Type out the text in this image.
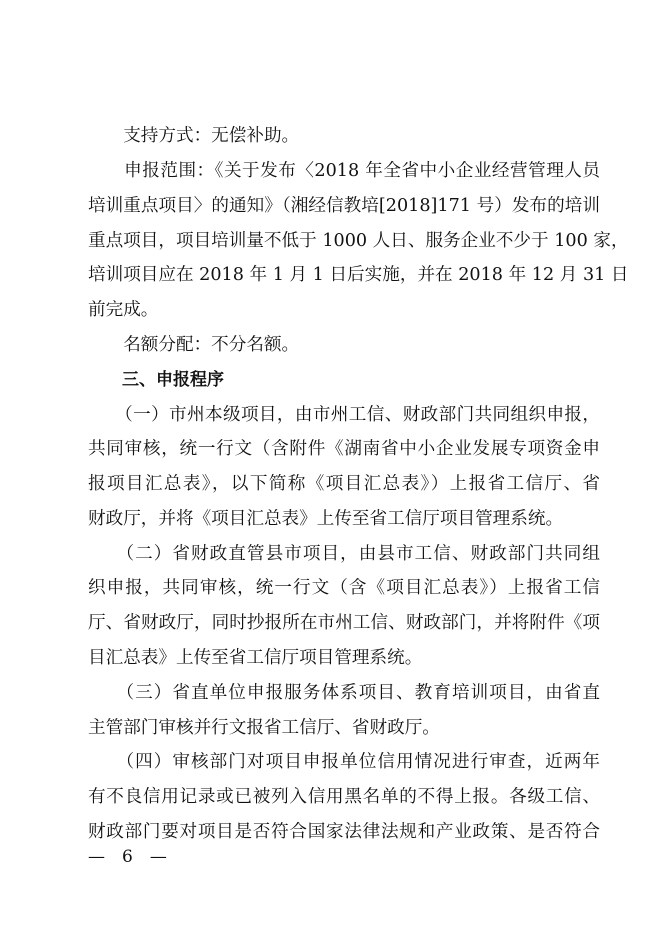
　　支持方式：无偿补助。
　　申报范围：《关于发布〈2018 年全省中小企业经营管理人员
培训重点项目〉的通知》（湘经信教培[2018]171 号）发布的培训
重点项目，项目培训量不低于 1000 人日、服务企业不少于 100 家，
培训项目应在 2018 年 1 月 1 日后实施，并在 2018 年 12 月 31 日
前完成。
　　名额分配：不分名额。
　　三、申报程序
　　（一）市州本级项目，由市州工信、财政部门共同组织申报，
共同审核，统一行文（含附件《湖南省中小企业发展专项资金申
报项目汇总表》，以下简称《项目汇总表》）上报省工信厅、省
财政厅，并将《项目汇总表》上传至省工信厅项目管理系统。
　　（二）省财政直管县市项目，由县市工信、财政部门共同组
织申报，共同审核，统一行文（含《项目汇总表》）上报省工信
厅、省财政厅，同时抄报所在市州工信、财政部门，并将附件《项
目汇总表》上传至省工信厅项目管理系统。
　　（三）省直单位申报服务体系项目、教育培训项目，由省直
主管部门审核并行文报省工信厅、省财政厅。
　　（四）审核部门对项目申报单位信用情况进行审查，近两年
有不良信用记录或已被列入信用黑名单的不得上报。各级工信、
财政部门要对项目是否符合国家法律法规和产业政策、是否符合
—　6　—
